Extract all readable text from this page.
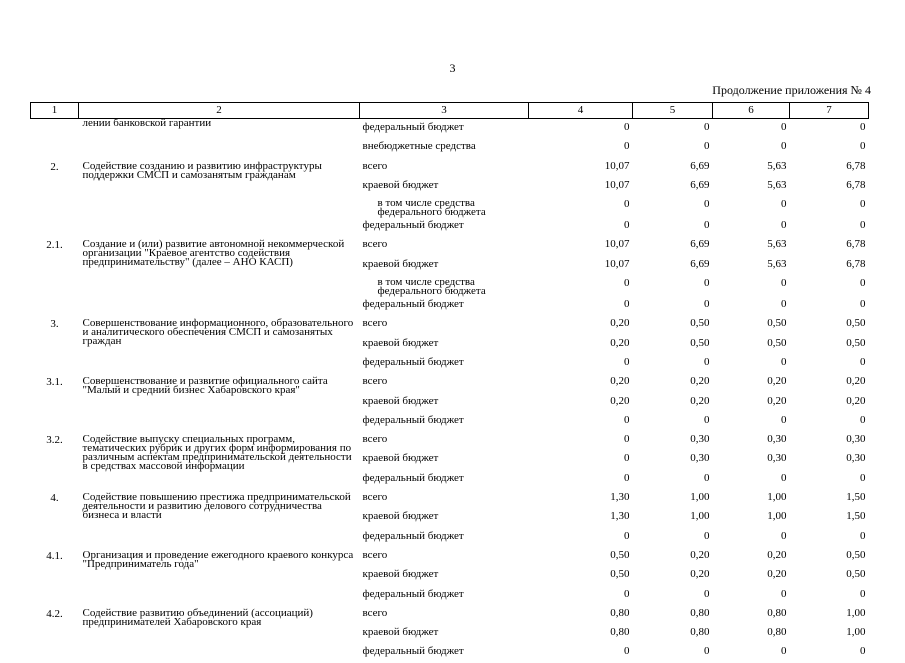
3
Продолжение приложения № 4
1	2	3	4	5	6	7
	лении банковской гарантии	федеральный бюджет	0	0	0	0
		внебюджетные средства	0	0	0	0
2.	Содействие созданию и развитию инфраструктуры поддержки СМСП и самозанятым гражданам	всего	10,07	6,69	5,63	6,78
		краевой бюджет	10,07	6,69	5,63	6,78
		в том числе средства федерального бюджета	0	0	0	0
		федеральный бюджет	0	0	0	0
2.1.	Создание и (или) развитие автономной некоммерческой организации "Краевое агентство содействия предпринимательству" (далее – АНО КАСП)	всего	10,07	6,69	5,63	6,78
		краевой бюджет	10,07	6,69	5,63	6,78
		в том числе средства федерального бюджета	0	0	0	0
		федеральный бюджет	0	0	0	0
3.	Совершенствование информационного, образовательного и аналитического обеспечения СМСП и самозанятых граждан	всего	0,20	0,50	0,50	0,50
		краевой бюджет	0,20	0,50	0,50	0,50
		федеральный бюджет	0	0	0	0
3.1.	Совершенствование и развитие официального сайта "Малый и средний бизнес Хабаровского края"	всего	0,20	0,20	0,20	0,20
		краевой бюджет	0,20	0,20	0,20	0,20
		федеральный бюджет	0	0	0	0
3.2.	Содействие выпуску специальных программ, тематических рубрик и других форм информирования по различным аспектам предпринимательской деятельности в средствах массовой информации	всего	0	0,30	0,30	0,30
		краевой бюджет	0	0,30	0,30	0,30
		федеральный бюджет	0	0	0	0
4.	Содействие повышению престижа предпринимательской деятельности и развитию делового сотрудничества бизнеса и власти	всего	1,30	1,00	1,00	1,50
		краевой бюджет	1,30	1,00	1,00	1,50
		федеральный бюджет	0	0	0	0
4.1.	Организация и проведение ежегодного краевого конкурса "Предприниматель года"	всего	0,50	0,20	0,20	0,50
		краевой бюджет	0,50	0,20	0,20	0,50
		федеральный бюджет	0	0	0	0
4.2.	Содействие развитию объединений (ассоциаций) предпринимателей Хабаровского края	всего	0,80	0,80	0,80	1,00
		краевой бюджет	0,80	0,80	0,80	1,00
		федеральный бюджет	0	0	0	0
